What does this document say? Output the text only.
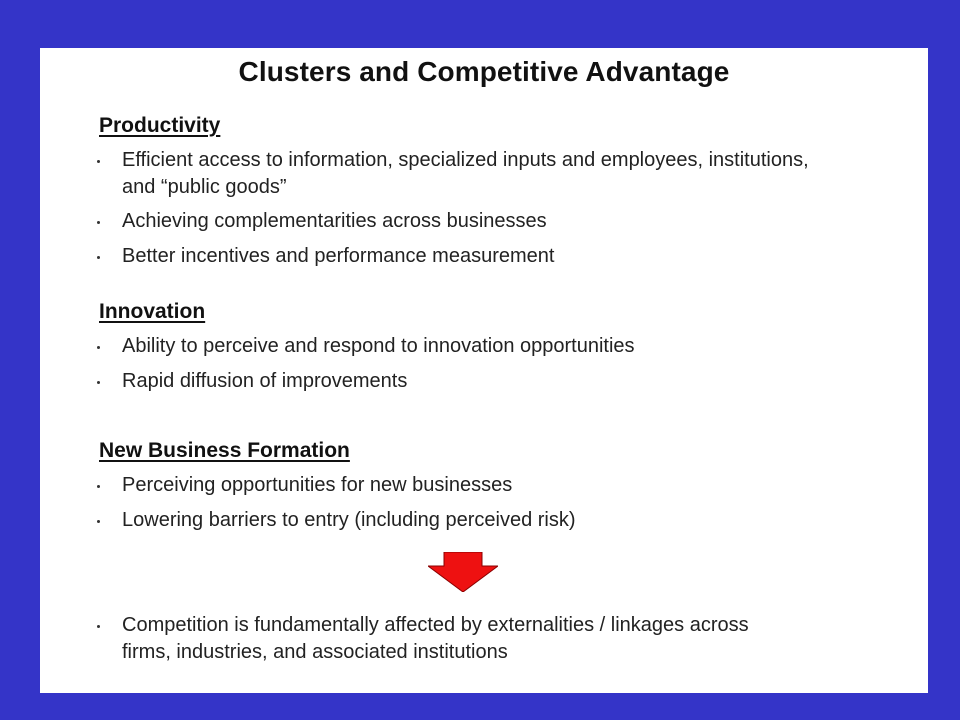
Clusters and Competitive Advantage
Productivity
Efficient access to information, specialized inputs and employees, institutions, and “public goods”
Achieving complementarities across businesses
Better incentives and performance measurement
Innovation
Ability to perceive and respond to innovation opportunities
Rapid diffusion of improvements
New Business Formation
Perceiving opportunities for new businesses
Lowering barriers to entry (including perceived risk)
Competition is fundamentally affected by externalities / linkages across firms, industries, and associated institutions
